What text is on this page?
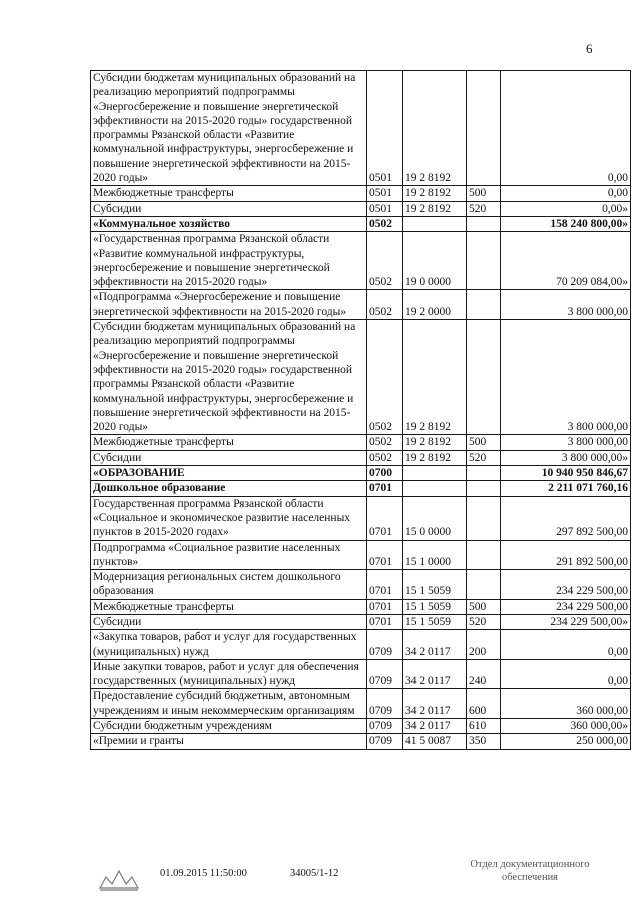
6
Субсидии бюджетам муниципальных образований на реализацию мероприятий подпрограммы «Энергосбережение и повышение энергетической эффективности на 2015-2020 годы» государственной программы Рязанской области «Развитие коммунальной инфраструктуры, энергосбережение и повышение энергетической эффективности на 2015-2020 годы»	0501	19 2 8192		0,00
Межбюджетные трансферты	0501	19 2 8192	500	0,00
Субсидии	0501	19 2 8192	520	0,00»
«Коммунальное хозяйство	0502			158 240 800,00»
«Государственная программа Рязанской области «Развитие коммунальной инфраструктуры, энергосбережение и повышение энергетической эффективности на 2015-2020 годы»	0502	19 0 0000		70 209 084,00»
«Подпрограмма «Энергосбережение и повышение энергетической эффективности на 2015-2020 годы»	0502	19 2 0000		3 800 000,00
Субсидии бюджетам муниципальных образований на реализацию мероприятий подпрограммы «Энергосбережение и повышение энергетической эффективности на 2015-2020 годы» государственной программы Рязанской области «Развитие коммунальной инфраструктуры, энергосбережение и повышение энергетической эффективности на 2015-2020 годы»	0502	19 2 8192		3 800 000,00
Межбюджетные трансферты	0502	19 2 8192	500	3 800 000,00
Субсидии	0502	19 2 8192	520	3 800 000,00»
«ОБРАЗОВАНИЕ	0700			10 940 950 846,67
Дошкольное образование	0701			2 211 071 760,16
Государственная программа Рязанской области «Социальное и экономическое развитие населенных пунктов в 2015-2020 годах»	0701	15 0 0000		297 892 500,00
Подпрограмма «Социальное развитие населенных пунктов»	0701	15 1 0000		291 892 500,00
Модернизация региональных систем дошкольного образования	0701	15 1 5059		234 229 500,00
Межбюджетные трансферты	0701	15 1 5059	500	234 229 500,00
Субсидии	0701	15 1 5059	520	234 229 500,00»
«Закупка товаров, работ и услуг для государственных (муниципальных) нужд	0709	34 2 0117	200	0,00
Иные закупки товаров, работ и услуг для обеспечения государственных (муниципальных) нужд	0709	34 2 0117	240	0,00
Предоставление субсидий бюджетным, автономным учреждениям и иным некоммерческим организациям	0709	34 2 0117	600	360 000,00
Субсидии бюджетным учреждениям	0709	34 2 0117	610	360 000,00»
«Премии и гранты	0709	41 5 0087	350	250 000,00
01.09.2015 11:50:00	34005/1-12
Отдел документационного
обеспечения
